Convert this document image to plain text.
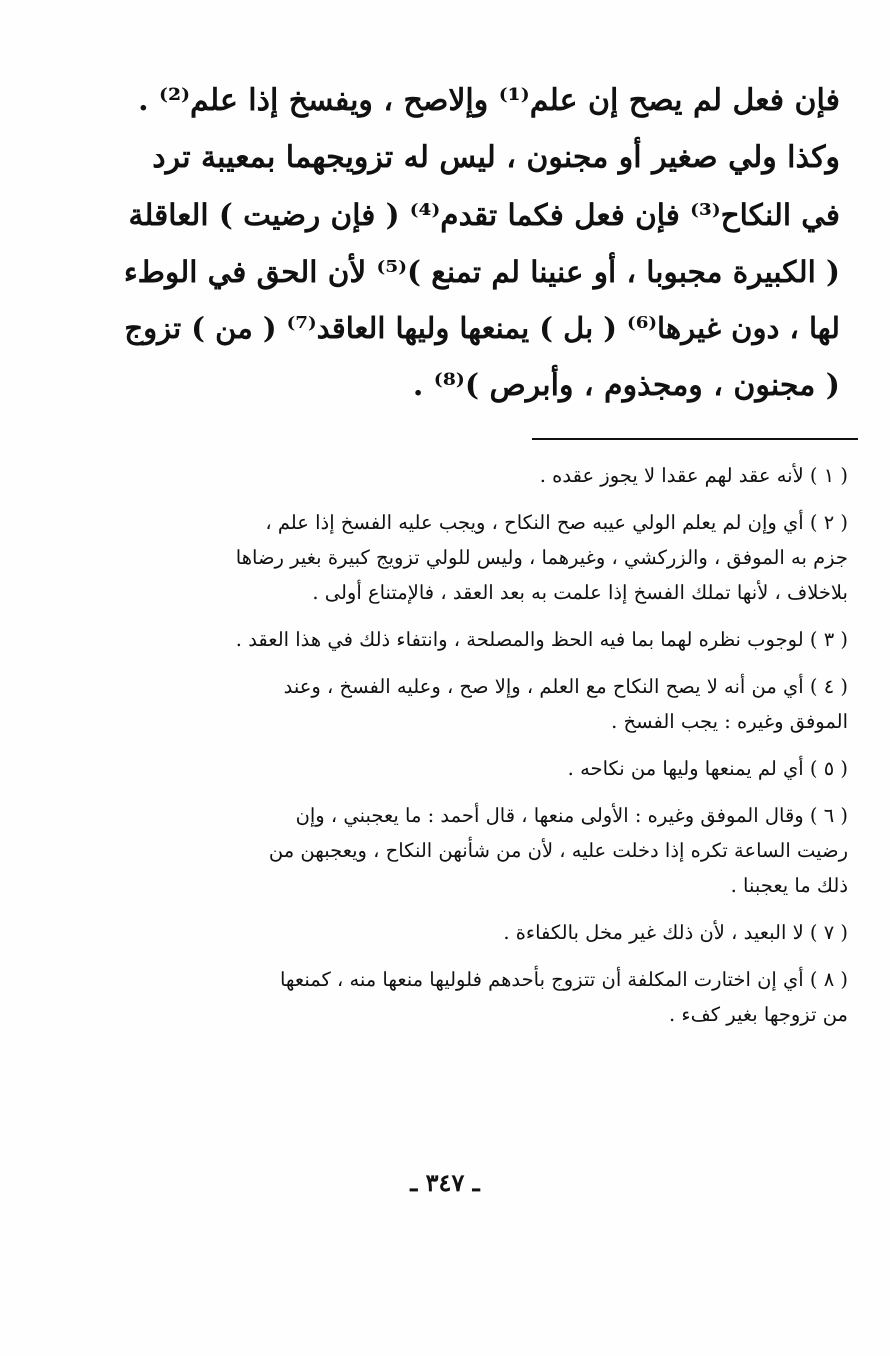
فإن فعل لم يصح إن علم⁽¹⁾ وإلاصح ، ويفسخ إذا علم⁽²⁾ .
وكذا ولي صغير أو مجنون ، ليس له تزويجهما بمعيبة ترد
في النكاح⁽³⁾ فإن فعل فكما تقدم⁽⁴⁾ ( فإن رضيت ) العاقلة
( الكبيرة مجبوبا ، أو عنينا لم تمنع )⁽⁵⁾ لأن الحق في الوطء
لها ، دون غيرها⁽⁶⁾ ( بل ) يمنعها وليها العاقد⁽⁷⁾ ( من ) تزوج
( مجنون ، ومجذوم ، وأبرص )⁽⁸⁾ .
( ١ ) لأنه عقد لهم عقدا لا يجوز عقده .
( ٢ ) أي وإن لم يعلم الولي عيبه صح النكاح ، ويجب عليه الفسخ إذا علم ،
جزم به الموفق ، والزركشي ، وغيرهما ، وليس للولي تزويج كبيرة بغير رضاها
بلاخلاف ، لأنها تملك الفسخ إذا علمت به بعد العقد ، فالإمتناع أولى .
( ٣ ) لوجوب نظره لهما بما فيه الحظ والمصلحة ، وانتفاء ذلك في هذا العقد .
( ٤ ) أي من أنه لا يصح النكاح مع العلم ، وإلا صح ، وعليه الفسخ ، وعند
الموفق وغيره : يجب الفسخ .
( ٥ ) أي لم يمنعها وليها من نكاحه .
( ٦ ) وقال الموفق وغيره : الأولى منعها ، قال أحمد : ما يعجبني ، وإن
رضيت الساعة تكره إذا دخلت عليه ، لأن من شأنهن النكاح ، ويعجبهن من
ذلك ما يعجبنا .
( ٧ ) لا البعيد ، لأن ذلك غير مخل بالكفاءة .
( ٨ ) أي إن اختارت المكلفة أن تتزوج بأحدهم فلوليها منعها منه ، كمنعها
من تزوجها بغير كفء .
ـ ٣٤٧ ـ
